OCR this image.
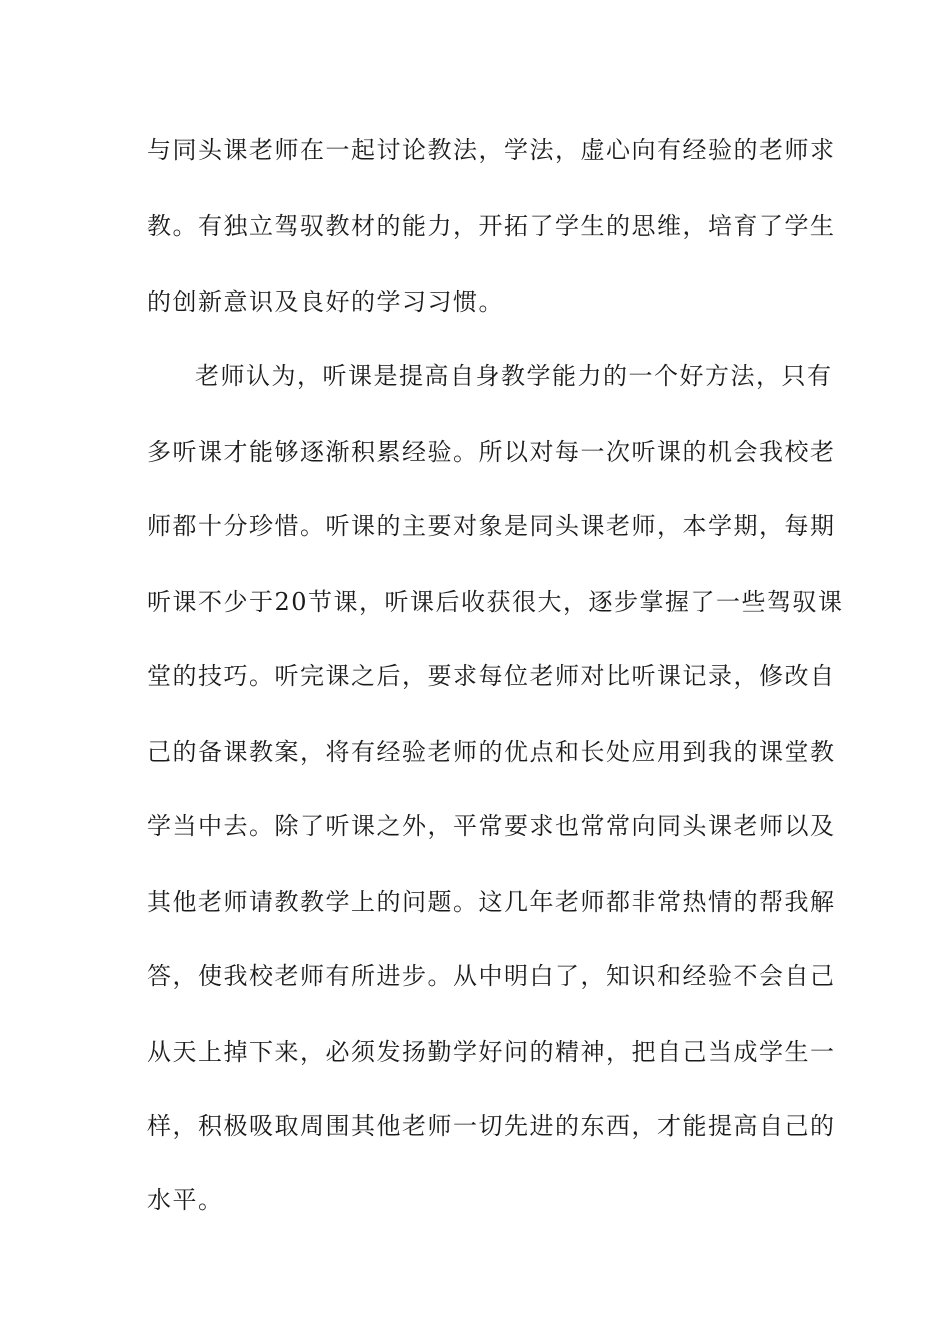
与同头课老师在一起讨论教法，学法，虚心向有经验的老师求
教。有独立驾驭教材的能力，开拓了学生的思维，培育了学生
的创新意识及良好的学习习惯。
老师认为，听课是提高自身教学能力的一个好方法，只有
多听课才能够逐渐积累经验。所以对每一次听课的机会我校老
师都十分珍惜。听课的主要对象是同头课老师，本学期，每期
听课不少于20节课，听课后收获很大，逐步掌握了一些驾驭课
堂的技巧。听完课之后，要求每位老师对比听课记录，修改自
己的备课教案，将有经验老师的优点和长处应用到我的课堂教
学当中去。除了听课之外，平常要求也常常向同头课老师以及
其他老师请教教学上的问题。这几年老师都非常热情的帮我解
答，使我校老师有所进步。从中明白了，知识和经验不会自己
从天上掉下来，必须发扬勤学好问的精神，把自己当成学生一
样，积极吸取周围其他老师一切先进的东西，才能提高自己的
水平。
